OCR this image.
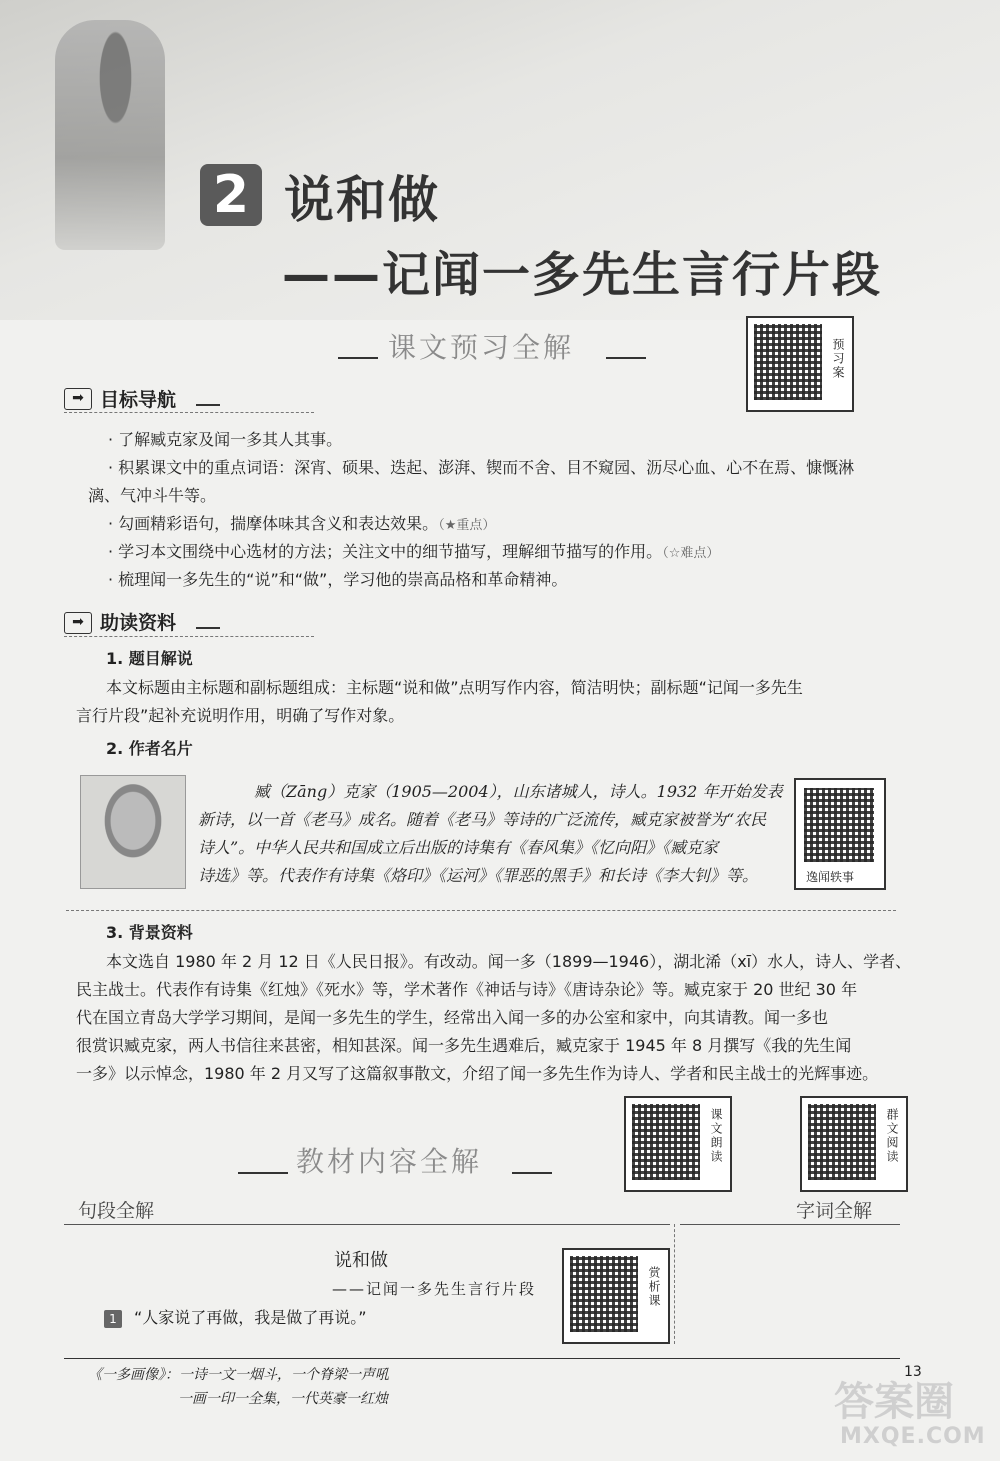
2 说和做
——记闻一多先生言行片段
课文预习全解	预习案
➡ 目标导航
· 了解臧克家及闻一多其人其事。
· 积累课文中的重点词语：深宵、硕果、迭起、澎湃、锲而不舍、目不窥园、沥尽心血、心不在焉、慷慨淋
漓、气冲斗牛等。
· 勾画精彩语句，揣摩体味其含义和表达效果。（★重点）
· 学习本文围绕中心选材的方法；关注文中的细节描写，理解细节描写的作用。（☆难点）
· 梳理闻一多先生的“说”和“做”，学习他的崇高品格和革命精神。
➡ 助读资料
1. 题目解说
本文标题由主标题和副标题组成：主标题“说和做”点明写作内容，简洁明快；副标题“记闻一多先生
言行片段”起补充说明作用，明确了写作对象。
2. 作者名片
臧（Zāng）克家（1905—2004），山东诸城人，诗人。1932 年开始发表
新诗，以一首《老马》成名。随着《老马》等诗的广泛流传，臧克家被誉为“农民
诗人”。中华人民共和国成立后出版的诗集有《春风集》《忆向阳》《臧克家
诗选》等。代表作有诗集《烙印》《运河》《罪恶的黑手》和长诗《李大钊》等。	逸闻轶事
3. 背景资料
本文选自 1980 年 2 月 12 日《人民日报》。有改动。闻一多（1899—1946），湖北浠（xī）水人，诗人、学者、
民主战士。代表作有诗集《红烛》《死水》等，学术著作《神话与诗》《唐诗杂论》等。臧克家于 20 世纪 30 年
代在国立青岛大学学习期间，是闻一多先生的学生，经常出入闻一多的办公室和家中，向其请教。闻一多也
很赏识臧克家，两人书信往来甚密，相知甚深。闻一多先生遇难后，臧克家于 1945 年 8 月撰写《我的先生闻
一多》以示悼念，1980 年 2 月又写了这篇叙事散文，介绍了闻一多先生作为诗人、学者和民主战士的光辉事迹。
教材内容全解	课文朗读	群文阅读
句段全解	字词全解
说和做
——记闻一多先生言行片段	赏析课
1	“人家说了再做，我是做了再说。”
《一多画像》：一诗一文一烟斗，一个脊梁一声吼
一画一印一全集，一代英豪一红烛
13
答案圈
MXQE.COM
